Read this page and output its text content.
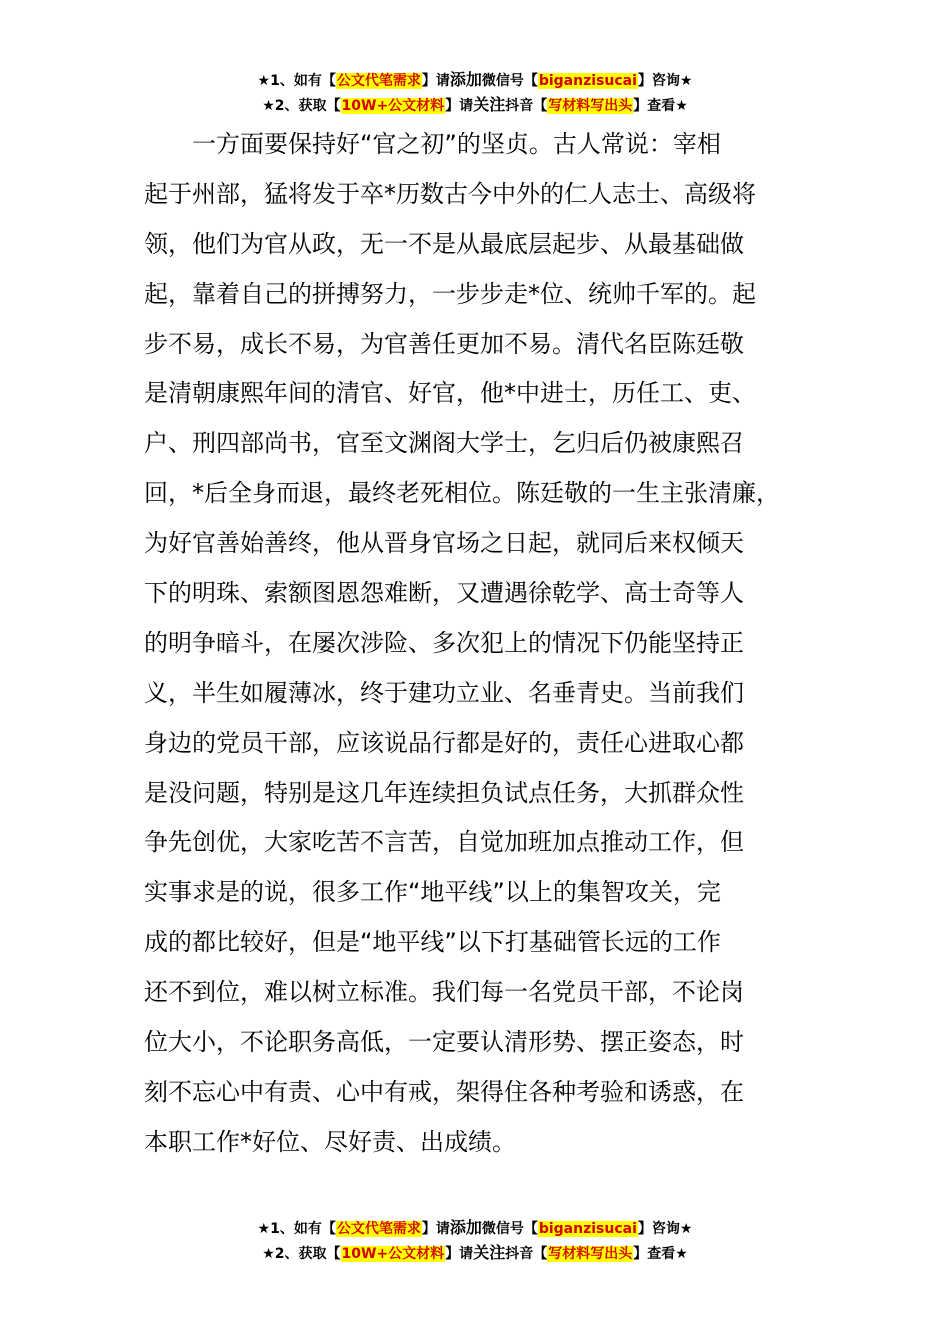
★1、如有【公文代笔需求】请添加微信号【biganzisucai】咨询★
★2、获取【10W+公文材料】请关注抖音【写材料写出头】查看★
一方面要保持好“官之初”的坚贞。古人常说：宰相
起于州部，猛将发于卒*历数古今中外的仁人志士、高级将
领，他们为官从政，无一不是从最底层起步、从最基础做
起，靠着自己的拼搏努力，一步步走*位、统帅千军的。起
步不易，成长不易，为官善任更加不易。清代名臣陈廷敬
是清朝康熙年间的清官、好官，他*中进士，历任工、吏、
户、刑四部尚书，官至文渊阁大学士，乞归后仍被康熙召
回，*后全身而退，最终老死相位。陈廷敬的一生主张清廉，
为好官善始善终，他从晋身官场之日起，就同后来权倾天
下的明珠、索额图恩怨难断，又遭遇徐乾学、高士奇等人
的明争暗斗，在屡次涉险、多次犯上的情况下仍能坚持正
义，半生如履薄冰，终于建功立业、名垂青史。当前我们
身边的党员干部，应该说品行都是好的，责任心进取心都
是没问题，特别是这几年连续担负试点任务，大抓群众性
争先创优，大家吃苦不言苦，自觉加班加点推动工作，但
实事求是的说，很多工作“地平线”以上的集智攻关，完
成的都比较好，但是“地平线”以下打基础管长远的工作
还不到位，难以树立标准。我们每一名党员干部，不论岗
位大小，不论职务高低，一定要认清形势、摆正姿态，时
刻不忘心中有责、心中有戒，架得住各种考验和诱惑，在
本职工作*好位、尽好责、出成绩。
★1、如有【公文代笔需求】请添加微信号【biganzisucai】咨询★
★2、获取【10W+公文材料】请关注抖音【写材料写出头】查看★
